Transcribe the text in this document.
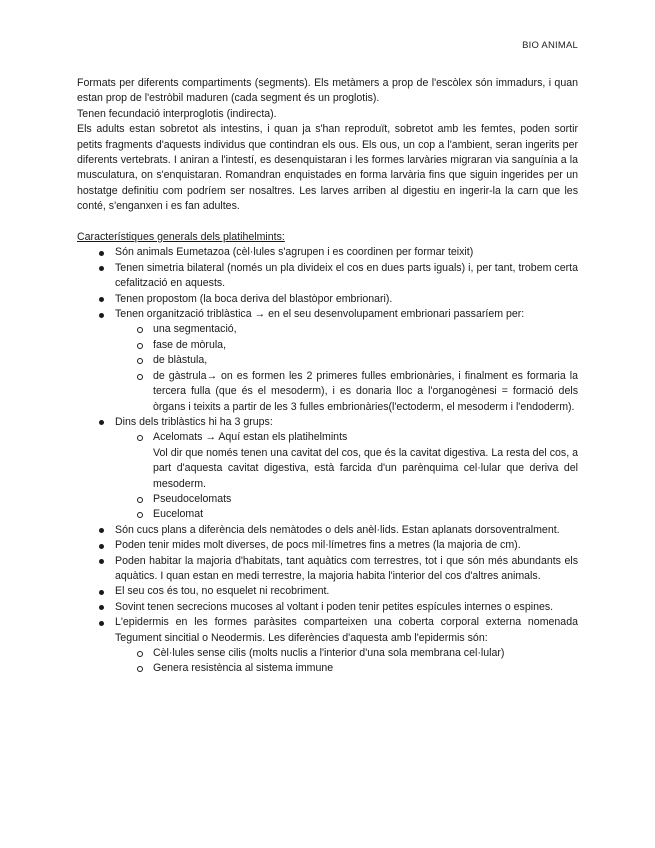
BIO ANIMAL

Formats per diferents compartiments (segments). Els metàmers a prop de l'escòlex són immadurs, i quan estan prop de l'estròbil maduren (cada segment és un proglotis).

Tenen fecundació interproglotis (indirecta).

Els adults estan sobretot als intestins, i quan ja s'han reproduït, sobretot amb les femtes, poden sortir petits fragments d'aquests individus que contindran els ous. Els ous, un cop a l'ambient, seran ingerits per diferents vertebrats. I aniran a l'intestí, es desenquistaran i les formes larvàries migraran via sanguínia a la musculatura, on s'enquistaran. Romandran enquistades en forma larvària fins que siguin ingerides per un hostatge definitiu com podríem ser nosaltres. Les larves arriben al digestiu en ingerir-la la carn que les conté, s'enganxen i es fan adultes.

Característiques generals dels platihelmints:

Són animals Eumetazoa (cèl·lules s'agrupen i es coordinen per formar teixit)
Tenen simetria bilateral (només un pla divideix el cos en dues parts iguals) i, per tant, trobem certa cefalització en aquests.
Tenen propostom (la boca deriva del blastòpor embrionari).
Tenen organització triblàstica → en el seu desenvolupament embrionari passaríem per:
una segmentació,
fase de mòrula,
de blàstula,
de gàstrula→ on es formen les 2 primeres fulles embrionàries, i finalment es formaria la tercera fulla (que és el mesoderm), i es donaria lloc a l'organogènesi = formació dels òrgans i teixits a partir de les 3 fulles embrionàries(l'ectoderm, el mesoderm i l'endoderm).
Dins dels triblàstics hi ha 3 grups:
Acelomats → Aquí estan els platihelmints
Vol dir que només tenen una cavitat del cos, que és la cavitat digestiva. La resta del cos, a part d'aquesta cavitat digestiva, està farcida d'un parènquima cel·lular que deriva del mesoderm.
Pseudocelomats
Eucelomat
Són cucs plans a diferència dels nemàtodes o dels anèl·lids. Estan aplanats dorsoventralment.
Poden tenir mides molt diverses, de pocs mil·límetres fins a metres (la majoria de cm).
Poden habitar la majoria d'habitats, tant aquàtics com terrestres, tot i que són més abundants els aquàtics. I quan estan en medi terrestre, la majoria habita l'interior del cos d'altres animals.
El seu cos és tou, no esquelet ni recobriment.
Sovint tenen secrecions mucoses al voltant i poden tenir petites espícules internes o espines.
L'epidermis en les formes paràsites comparteixen una coberta corporal externa nomenada Tegument sincitial o Neodermis. Les diferències d'aquesta amb l'epidermis són:
Cèl·lules sense cilis (molts nuclis a l'interior d'una sola membrana cel·lular)
Genera resistència al sistema immune
